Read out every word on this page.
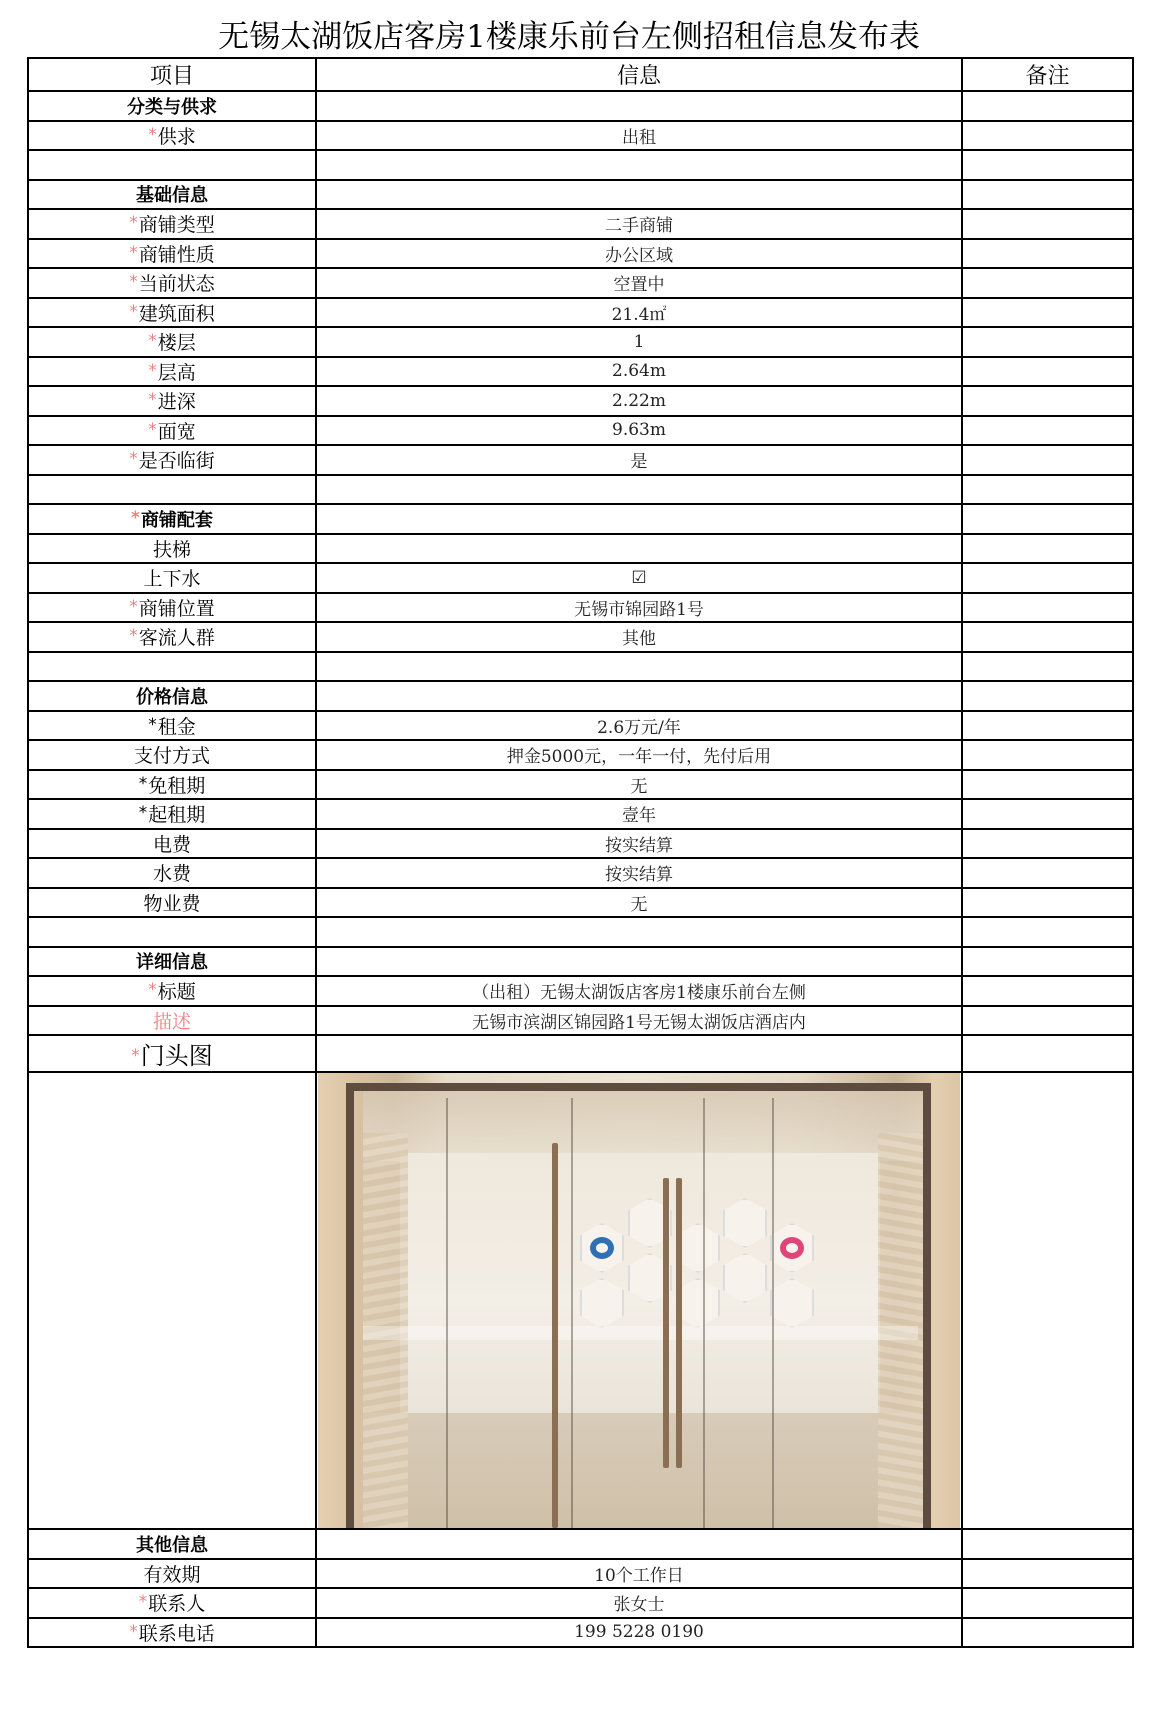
无锡太湖饭店客房1楼康乐前台左侧招租信息发布表
项目	信息	备注
分类与供求		
*供求	出租	

基础信息		
*商铺类型	二手商铺	
*商铺性质	办公区域	
*当前状态	空置中	
*建筑面积	21.4㎡	
*楼层	1	
*层高	2.64m	
*进深	2.22m	
*面宽	9.63m	
*是否临街	是	

*商铺配套		
扶梯		
上下水	☑	
*商铺位置	无锡市锦园路1号	
*客流人群	其他	

价格信息		
*租金	2.6万元/年	
支付方式	押金5000元，一年一付，先付后用	
*免租期	无	
*起租期	壹年	
电费	按实结算	
水费	按实结算	
物业费	无	

详细信息		
*标题	（出租）无锡太湖饭店客房1楼康乐前台左侧	
描述	无锡市滨湖区锦园路1号无锡太湖饭店酒店内	
*门头图		

其他信息		
有效期	10个工作日	
*联系人	张女士	
*联系电话	199 5228 0190	
